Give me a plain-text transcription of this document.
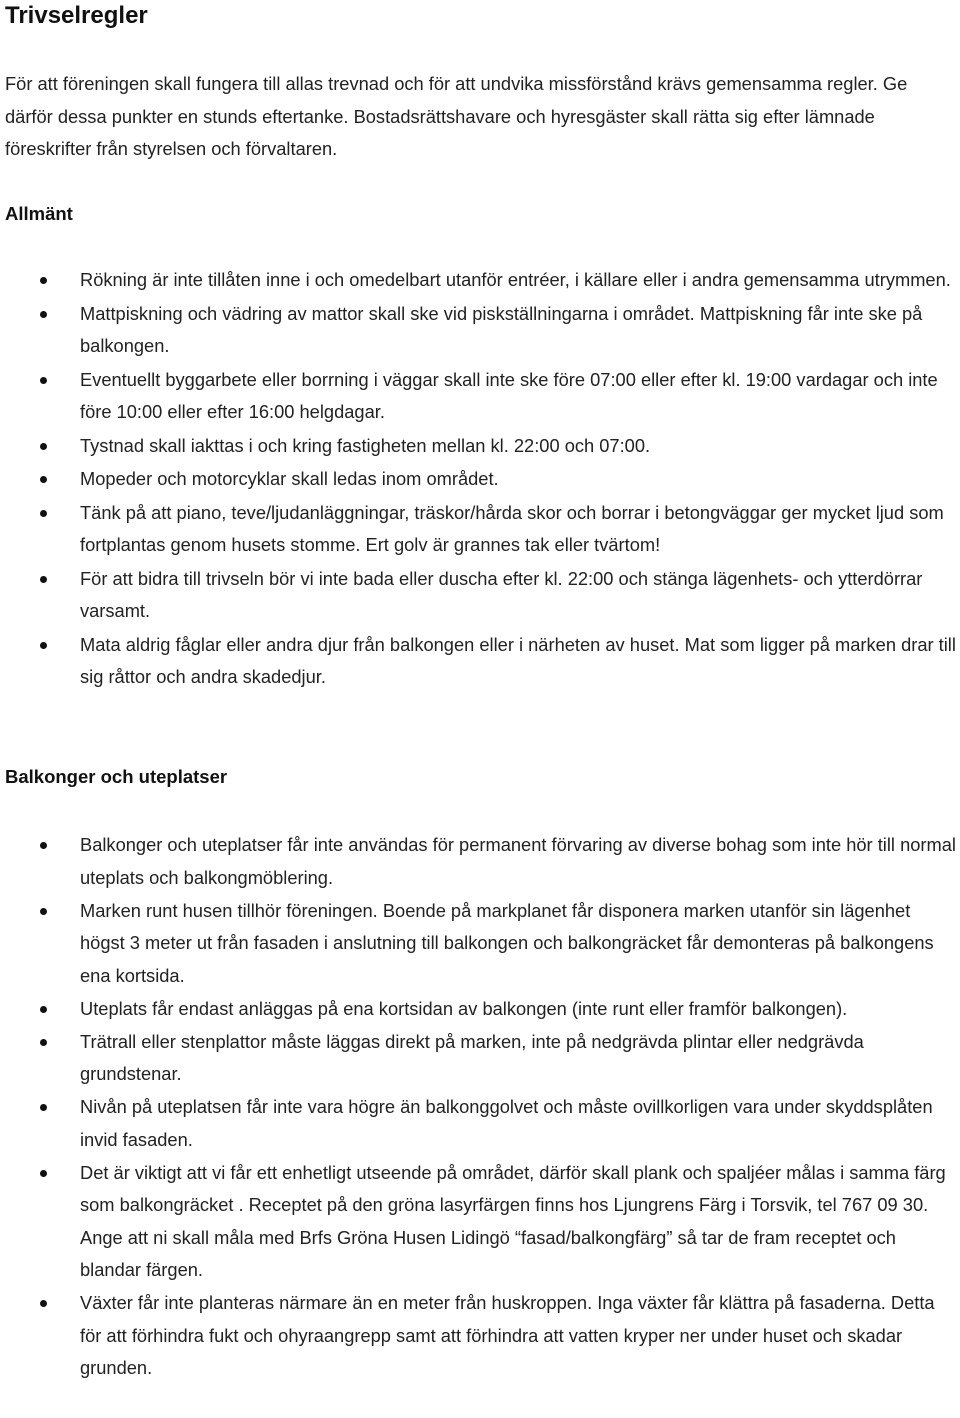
Trivselregler

För att föreningen skall fungera till allas trevnad och för att undvika missförstånd krävs gemensamma regler. Ge därför dessa punkter en stunds eftertanke. Bostadsrättshavare och hyresgäster skall rätta sig efter lämnade föreskrifter från styrelsen och förvaltaren.

Allmänt
Rökning är inte tillåten inne i och omedelbart utanför entréer, i källare eller i andra gemensamma utrymmen.
Mattpiskning och vädring av mattor skall ske vid piskställningarna i området. Mattpiskning får inte ske på balkongen.
Eventuellt byggarbete eller borrning i väggar skall inte ske före 07:00 eller efter kl. 19:00 vardagar och inte före 10:00 eller efter 16:00 helgdagar.
Tystnad skall iakttas i och kring fastigheten mellan kl. 22:00 och 07:00.
Mopeder och motorcyklar skall ledas inom området.
Tänk på att piano, teve/ljudanläggningar, träskor/hårda skor och borrar i betongväggar ger mycket ljud som fortplantas genom husets stomme. Ert golv är grannes tak eller tvärtom!
För att bidra till trivseln bör vi inte bada eller duscha efter kl. 22:00 och stänga lägenhets- och ytterdörrar varsamt.
Mata aldrig fåglar eller andra djur från balkongen eller i närheten av huset. Mat som ligger på marken drar till sig råttor och andra skadedjur.
Balkonger och uteplatser
Balkonger och uteplatser får inte användas för permanent förvaring av diverse bohag som inte hör till normal uteplats och balkongmöblering.
Marken runt husen tillhör föreningen. Boende på markplanet får disponera marken utanför sin lägenhet högst 3 meter ut från fasaden i anslutning till balkongen och balkongräcket får demonteras på balkongens ena kortsida.
Uteplats får endast anläggas på ena kortsidan av balkongen (inte runt eller framför balkongen).
Trätrall eller stenplattor måste läggas direkt på marken, inte på nedgrävda plintar eller nedgrävda grundstenar.
Nivån på uteplatsen får inte vara högre än balkonggolvet och måste ovillkorligen vara under skyddsplåten invid fasaden.
Det är viktigt att vi får ett enhetligt utseende på området, därför skall plank och spaljéer målas i samma färg som balkongräcket . Receptet på den gröna lasyrfärgen finns hos Ljungrens Färg i Torsvik, tel 767 09 30. Ange att ni skall måla med Brfs Gröna Husen Lidingö “fasad/balkongfärg” så tar de fram receptet och blandar färgen.
Växter får inte planteras närmare än en meter från huskroppen. Inga växter får klättra på fasaderna. Detta för att förhindra fukt och ohyraangrepp samt att förhindra att vatten kryper ner under huset och skadar grunden.
